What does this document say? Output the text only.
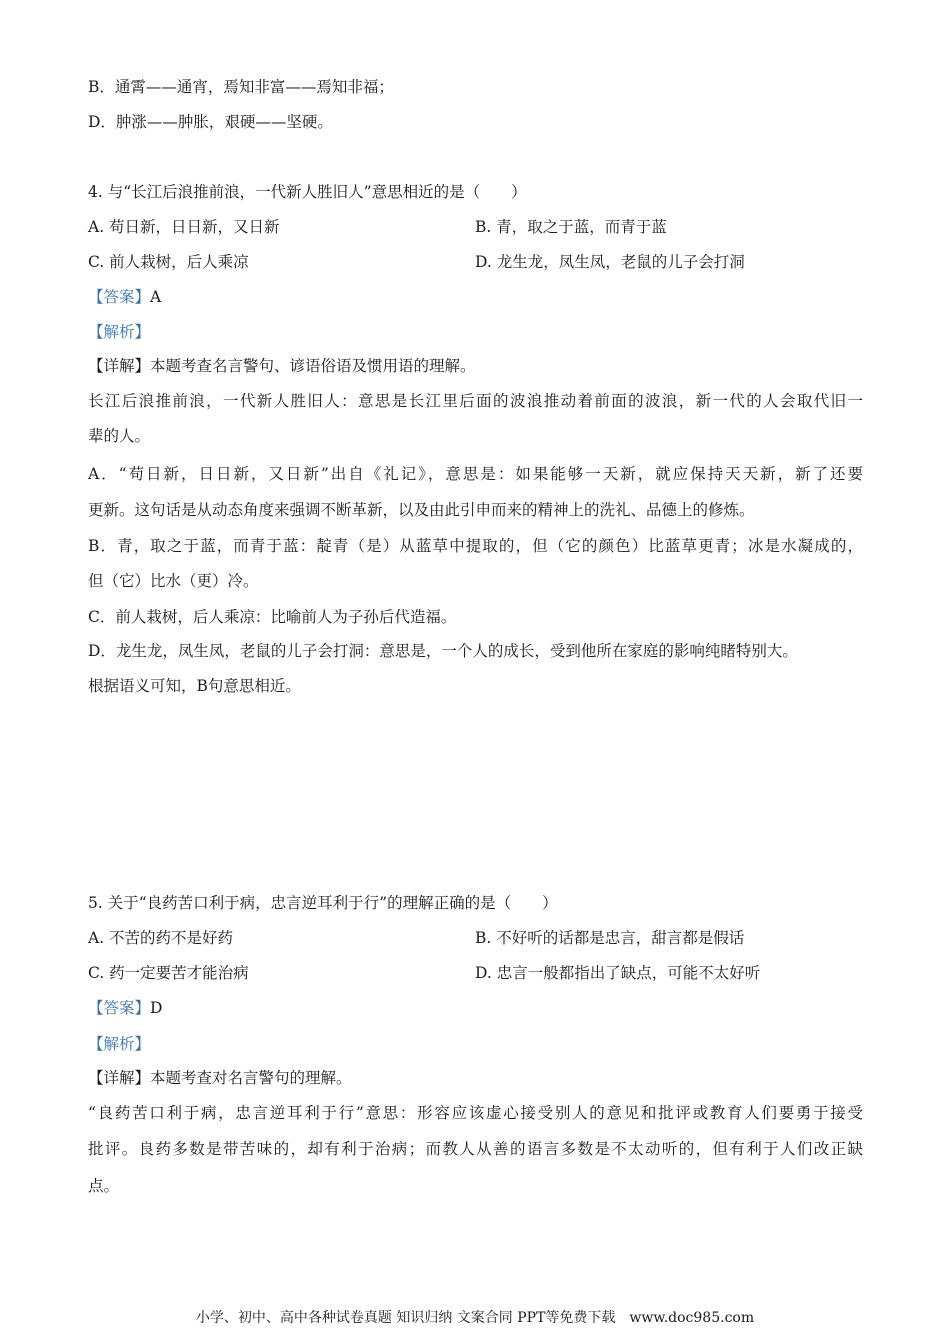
B．通霄——通宵，焉知非富——焉知非福；
D．肿涨——肿胀，艰硬——坚硬。
4. 与“长江后浪推前浪，一代新人胜旧人”意思相近的是（　　）
A. 苟日新，日日新，又日新	B. 青，取之于蓝，而青于蓝
C. 前人栽树，后人乘凉	D. 龙生龙，凤生凤，老鼠的儿子会打洞
【答案】A
【解析】
【详解】本题考查名言警句、谚语俗语及惯用语的理解。
长江后浪推前浪，一代新人胜旧人：意思是长江里后面的波浪推动着前面的波浪，新一代的人会取代旧一
辈的人。
A．“苟日新，日日新，又日新”出自《礼记》，意思是：如果能够一天新，就应保持天天新，新了还要
更新。这句话是从动态角度来强调不断革新，以及由此引申而来的精神上的洗礼、品德上的修炼。
B．青，取之于蓝，而青于蓝：靛青（是）从蓝草中提取的，但（它的颜色）比蓝草更青；冰是水凝成的，
但（它）比水（更）冷。
C．前人栽树，后人乘凉：比喻前人为子孙后代造福。
D．龙生龙，凤生凤，老鼠的儿子会打洞：意思是，一个人的成长，受到他所在家庭的影响纯睹特别大。
根据语义可知，B句意思相近。
5. 关于“良药苦口利于病，忠言逆耳利于行”的理解正确的是（　　）
A. 不苦的药不是好药	B. 不好听的话都是忠言，甜言都是假话
C. 药一定要苦才能治病	D. 忠言一般都指出了缺点，可能不太好听
【答案】D
【解析】
【详解】本题考查对名言警句的理解。
“良药苦口利于病，忠言逆耳利于行”意思：形容应该虚心接受别人的意见和批评或教育人们要勇于接受
批评。良药多数是带苦味的，却有利于治病；而教人从善的语言多数是不太动听的，但有利于人们改正缺
点。
小学、初中、高中各种试卷真题 知识归纳 文案合同 PPT等免费下载 www.doc985.com
